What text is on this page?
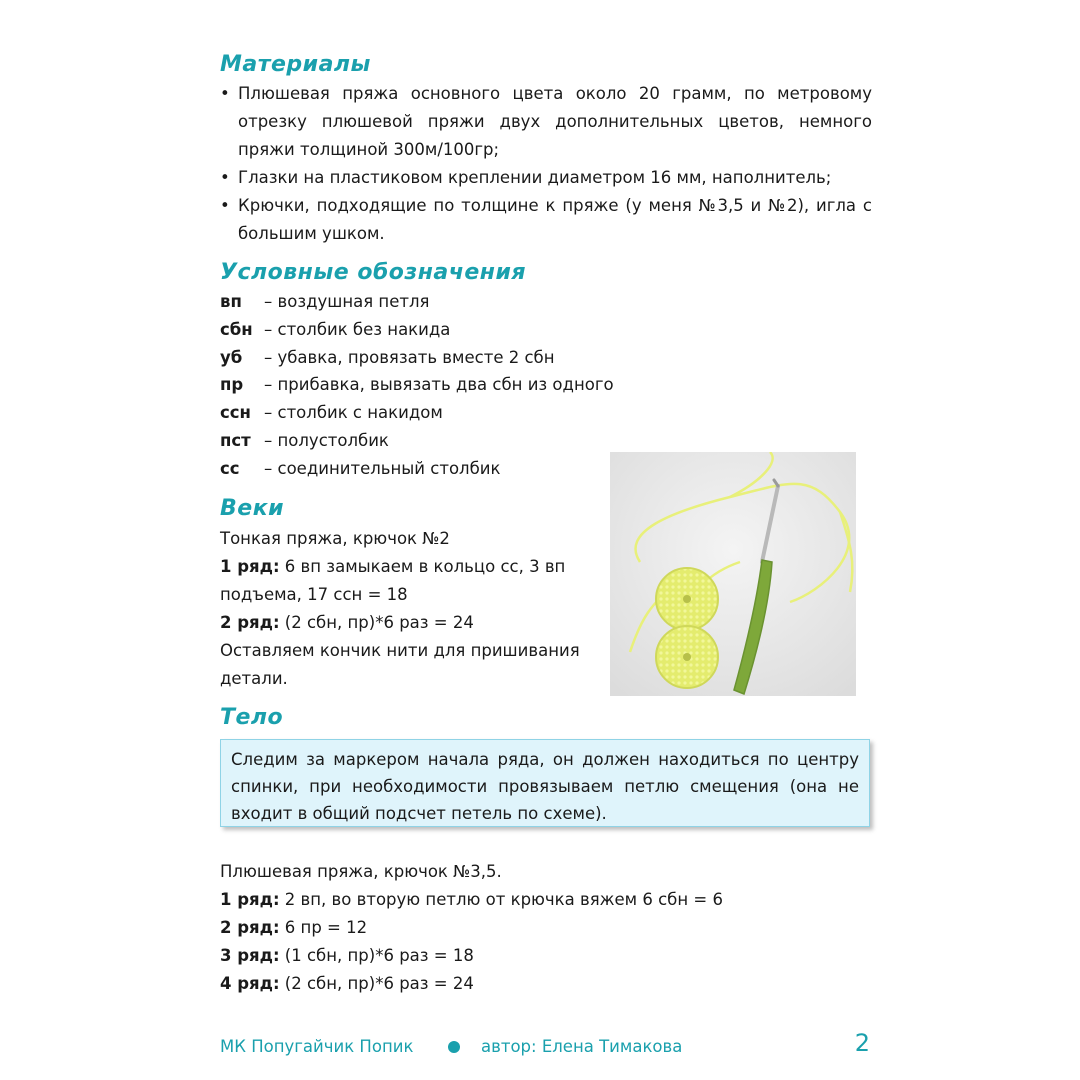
Материалы
• Плюшевая пряжа основного цвета около 20 грамм, по метровому отрезку плюшевой пряжи двух дополнительных цветов, немного пряжи толщиной 300м/100гр;
• Глазки на пластиковом креплении диаметром 16 мм, наполнитель;
• Крючки, подходящие по толщине к пряже (у меня №3,5 и №2), игла с большим ушком.
Условные обозначения
вп – воздушная петля
сбн – столбик без накида
уб – убавка, провязать вместе 2 сбн
пр – прибавка, вывязать два сбн из одного
ссн – столбик с накидом
пст – полустолбик
сс – соединительный столбик
Веки
Тонкая пряжа, крючок №2
1 ряд: 6 вп замыкаем в кольцо сс, 3 вп подъема, 17 ссн = 18
2 ряд: (2 сбн, пр)*6 раз = 24
Оставляем кончик нити для пришивания детали.
Тело
Следим за маркером начала ряда, он должен находиться по центру спинки, при необходимости провязываем петлю смещения (она не входит в общий подсчет петель по схеме).
Плюшевая пряжа, крючок №3,5.
1 ряд: 2 вп, во вторую петлю от крючка вяжем 6 сбн = 6
2 ряд: 6 пр = 12
3 ряд: (1 сбн, пр)*6 раз = 18
4 ряд: (2 сбн, пр)*6 раз = 24
МК Попугайчик Попик	автор: Елена Тимакова	2
